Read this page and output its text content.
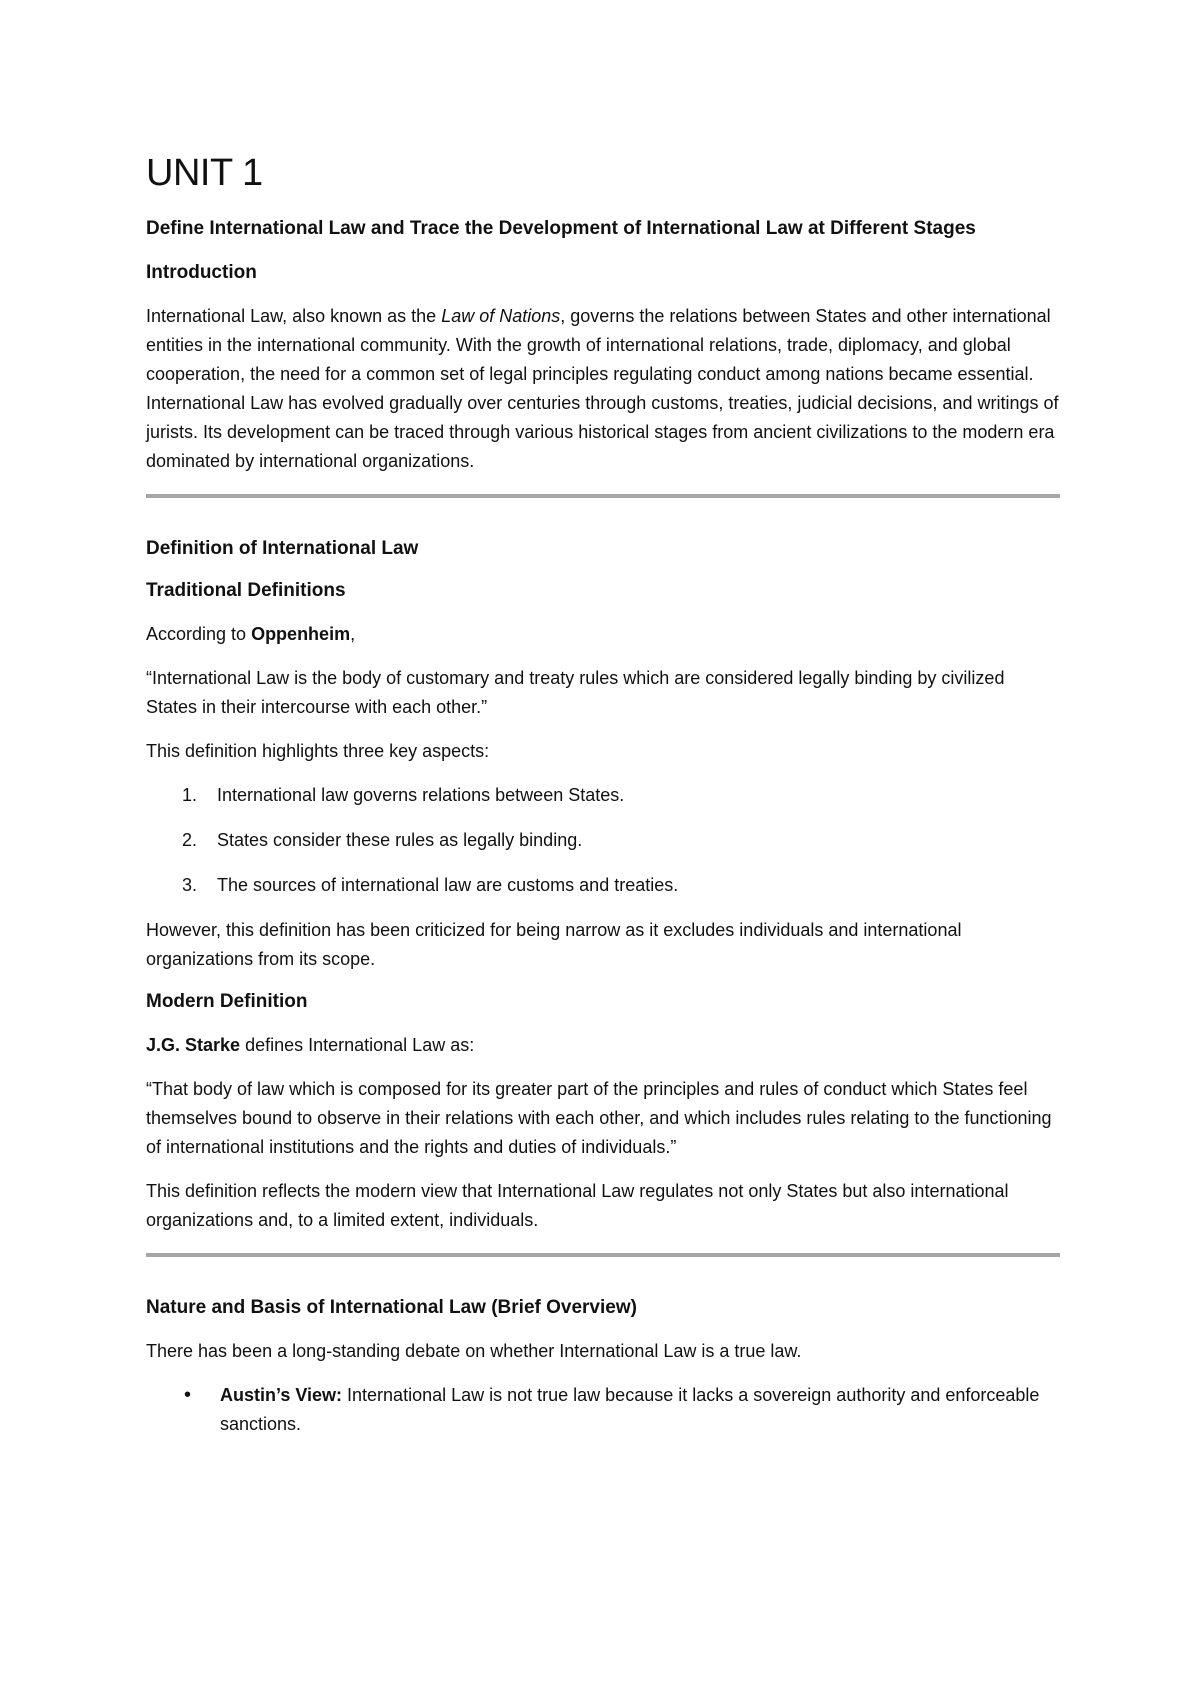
UNIT 1
Define International Law and Trace the Development of International Law at Different Stages
Introduction

International Law, also known as the Law of Nations, governs the relations between States and other international entities in the international community. With the growth of international relations, trade, diplomacy, and global cooperation, the need for a common set of legal principles regulating conduct among nations became essential. International Law has evolved gradually over centuries through customs, treaties, judicial decisions, and writings of jurists. Its development can be traced through various historical stages from ancient civilizations to the modern era dominated by international organizations.

Definition of International Law
Traditional Definitions

According to Oppenheim,

“International Law is the body of customary and treaty rules which are considered legally binding by civilized States in their intercourse with each other.”

This definition highlights three key aspects:

1.	International law governs relations between States.
2.	States consider these rules as legally binding.
3.	The sources of international law are customs and treaties.

However, this definition has been criticized for being narrow as it excludes individuals and international organizations from its scope.

Modern Definition

J.G. Starke defines International Law as:

“That body of law which is composed for its greater part of the principles and rules of conduct which States feel themselves bound to observe in their relations with each other, and which includes rules relating to the functioning of international institutions and the rights and duties of individuals.”

This definition reflects the modern view that International Law regulates not only States but also international organizations and, to a limited extent, individuals.

Nature and Basis of International Law (Brief Overview)

There has been a long-standing debate on whether International Law is a true law.

•	Austin’s View: International Law is not true law because it lacks a sovereign authority and enforceable sanctions.
